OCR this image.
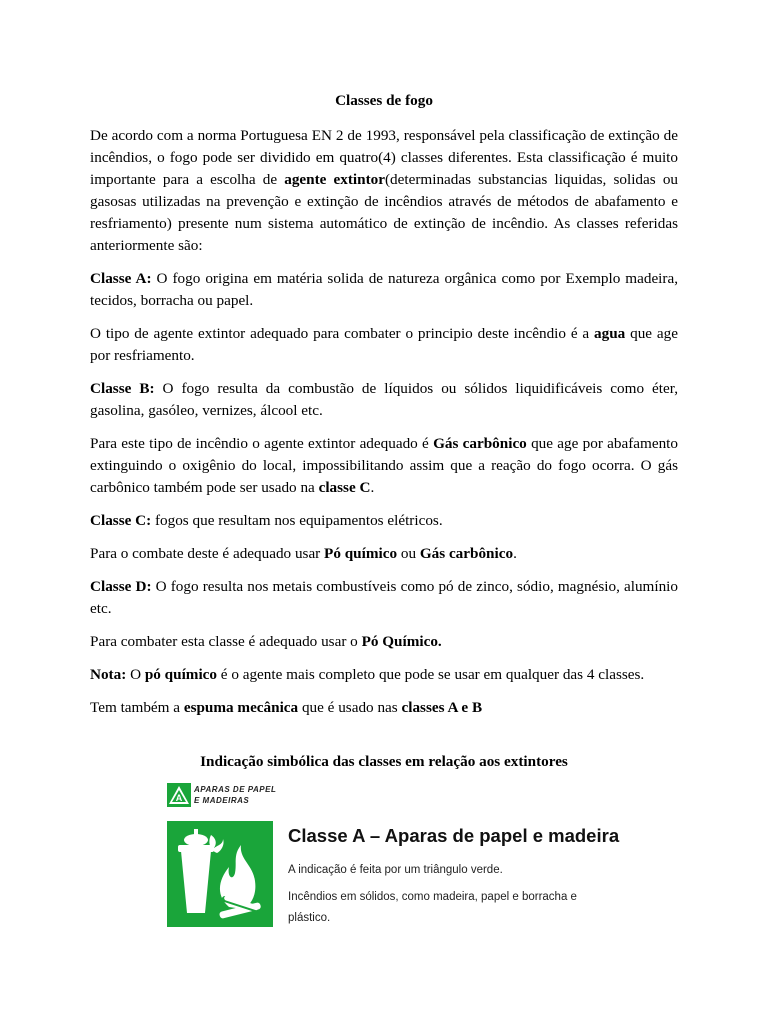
Classes de fogo

De acordo com a norma Portuguesa EN 2 de 1993, responsável pela classificação de extinção de incêndios, o fogo pode ser dividido em quatro(4) classes diferentes. Esta classificação é muito importante para a escolha de agente extintor(determinadas substancias liquidas, solidas ou gasosas utilizadas na prevenção e extinção de incêndios através de métodos de abafamento e resfriamento) presente num sistema automático de extinção de incêndio. As classes referidas anteriormente são:

Classe A: O fogo origina em matéria solida de natureza orgânica como por Exemplo madeira, tecidos, borracha ou papel.

O tipo de agente extintor adequado para combater o principio deste incêndio é a agua que age por resfriamento.

Classe B: O fogo resulta da combustão de líquidos ou sólidos liquidificáveis como éter, gasolina, gasóleo, vernizes, álcool etc.

Para este tipo de incêndio o agente extintor adequado é Gás carbônico que age por abafamento extinguindo o oxigênio do local, impossibilitando assim que a reação do fogo ocorra. O gás carbônico também pode ser usado na classe C.

Classe C: fogos que resultam nos equipamentos elétricos.

Para o combate deste é adequado usar Pó químico ou Gás carbônico.

Classe D: O fogo resulta nos metais combustíveis como pó de zinco, sódio, magnésio, alumínio etc.

Para combater esta classe é adequado usar o Pó Químico.

Nota: O pó químico é o agente mais completo que pode se usar em qualquer das 4 classes.

Tem também a espuma mecânica que é usado nas classes A e B

Indicação simbólica das classes em relação aos extintores
A
APARAS DE PAPEL
E MADEIRAS
Classe A – Aparas de papel e madeira
A indicação é feita por um triângulo verde.
Incêndios em sólidos, como madeira, papel e borracha e
plástico.
